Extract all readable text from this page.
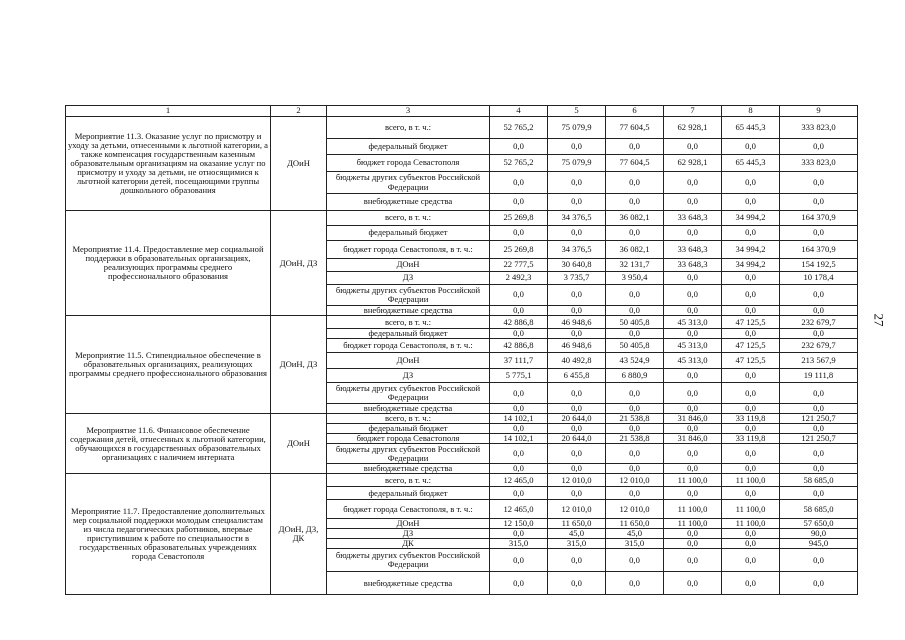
27
1	2	3	4	5	6	7	8	9
Мероприятие 11.3. Оказание услуг по присмотру и уходу за детьми, отнесенными к льготной категории, а также компенсация государственным казенным образовательным организациям на оказание услуг по присмотру и уходу за детьми, не относящимися к льготной категории детей, посещающими группы дошкольного образования	ДОиН	всего, в т. ч.:	52 765,2	75 079,9	77 604,5	62 928,1	65 445,3	333 823,0
		федеральный бюджет	0,0	0,0	0,0	0,0	0,0	0,0
		бюджет города Севастополя	52 765,2	75 079,9	77 604,5	62 928,1	65 445,3	333 823,0
		бюджеты других субъектов Российской Федерации	0,0	0,0	0,0	0,0	0,0	0,0
		внебюджетные средства	0,0	0,0	0,0	0,0	0,0	0,0
Мероприятие 11.4. Предоставление мер социальной поддержки в образовательных организациях, реализующих программы среднего профессионального образования	ДОиН, ДЗ	всего, в т. ч.:	25 269,8	34 376,5	36 082,1	33 648,3	34 994,2	164 370,9
		федеральный бюджет	0,0	0,0	0,0	0,0	0,0	0,0
		бюджет города Севастополя, в т. ч.:	25 269,8	34 376,5	36 082,1	33 648,3	34 994,2	164 370,9
		ДОиН	22 777,5	30 640,8	32 131,7	33 648,3	34 994,2	154 192,5
		ДЗ	2 492,3	3 735,7	3 950,4	0,0	0,0	10 178,4
		бюджеты других субъектов Российской Федерации	0,0	0,0	0,0	0,0	0,0	0,0
		внебюджетные средства	0,0	0,0	0,0	0,0	0,0	0,0
Мероприятие 11.5. Стипендиальное обеспечение в образовательных организациях, реализующих программы среднего профессионального образования	ДОиН, ДЗ	всего, в т. ч.:	42 886,8	46 948,6	50 405,8	45 313,0	47 125,5	232 679,7
		федеральный бюджет	0,0	0,0	0,0	0,0	0,0	0,0
		бюджет города Севастополя, в т. ч.:	42 886,8	46 948,6	50 405,8	45 313,0	47 125,5	232 679,7
		ДОиН	37 111,7	40 492,8	43 524,9	45 313,0	47 125,5	213 567,9
		ДЗ	5 775,1	6 455,8	6 880,9	0,0	0,0	19 111,8
		бюджеты других субъектов Российской Федерации	0,0	0,0	0,0	0,0	0,0	0,0
		внебюджетные средства	0,0	0,0	0,0	0,0	0,0	0,0
Мероприятие 11.6. Финансовое обеспечение содержания детей, отнесенных к льготной категории, обучающихся в государственных образовательных организациях с наличием интерната	ДОиН	всего, в т. ч.:	14 102,1	20 644,0	21 538,8	31 846,0	33 119,8	121 250,7
		федеральный бюджет	0,0	0,0	0,0	0,0	0,0	0,0
		бюджет города Севастополя	14 102,1	20 644,0	21 538,8	31 846,0	33 119,8	121 250,7
		бюджеты других субъектов Российской Федерации	0,0	0,0	0,0	0,0	0,0	0,0
		внебюджетные средства	0,0	0,0	0,0	0,0	0,0	0,0
Мероприятие 11.7. Предоставление дополнительных мер социальной поддержки молодым специалистам из числа педагогических работников, впервые приступившим к работе по специальности в государственных образовательных учреждениях города Севастополя	ДОиН, ДЗ, ДК	всего, в т. ч.:	12 465,0	12 010,0	12 010,0	11 100,0	11 100,0	58 685,0
		федеральный бюджет	0,0	0,0	0,0	0,0	0,0	0,0
		бюджет города Севастополя, в т. ч.:	12 465,0	12 010,0	12 010,0	11 100,0	11 100,0	58 685,0
		ДОиН	12 150,0	11 650,0	11 650,0	11 100,0	11 100,0	57 650,0
		ДЗ	0,0	45,0	45,0	0,0	0,0	90,0
		ДК	315,0	315,0	315,0	0,0	0,0	945,0
		бюджеты других субъектов Российской Федерации	0,0	0,0	0,0	0,0	0,0	0,0
		внебюджетные средства	0,0	0,0	0,0	0,0	0,0	0,0
